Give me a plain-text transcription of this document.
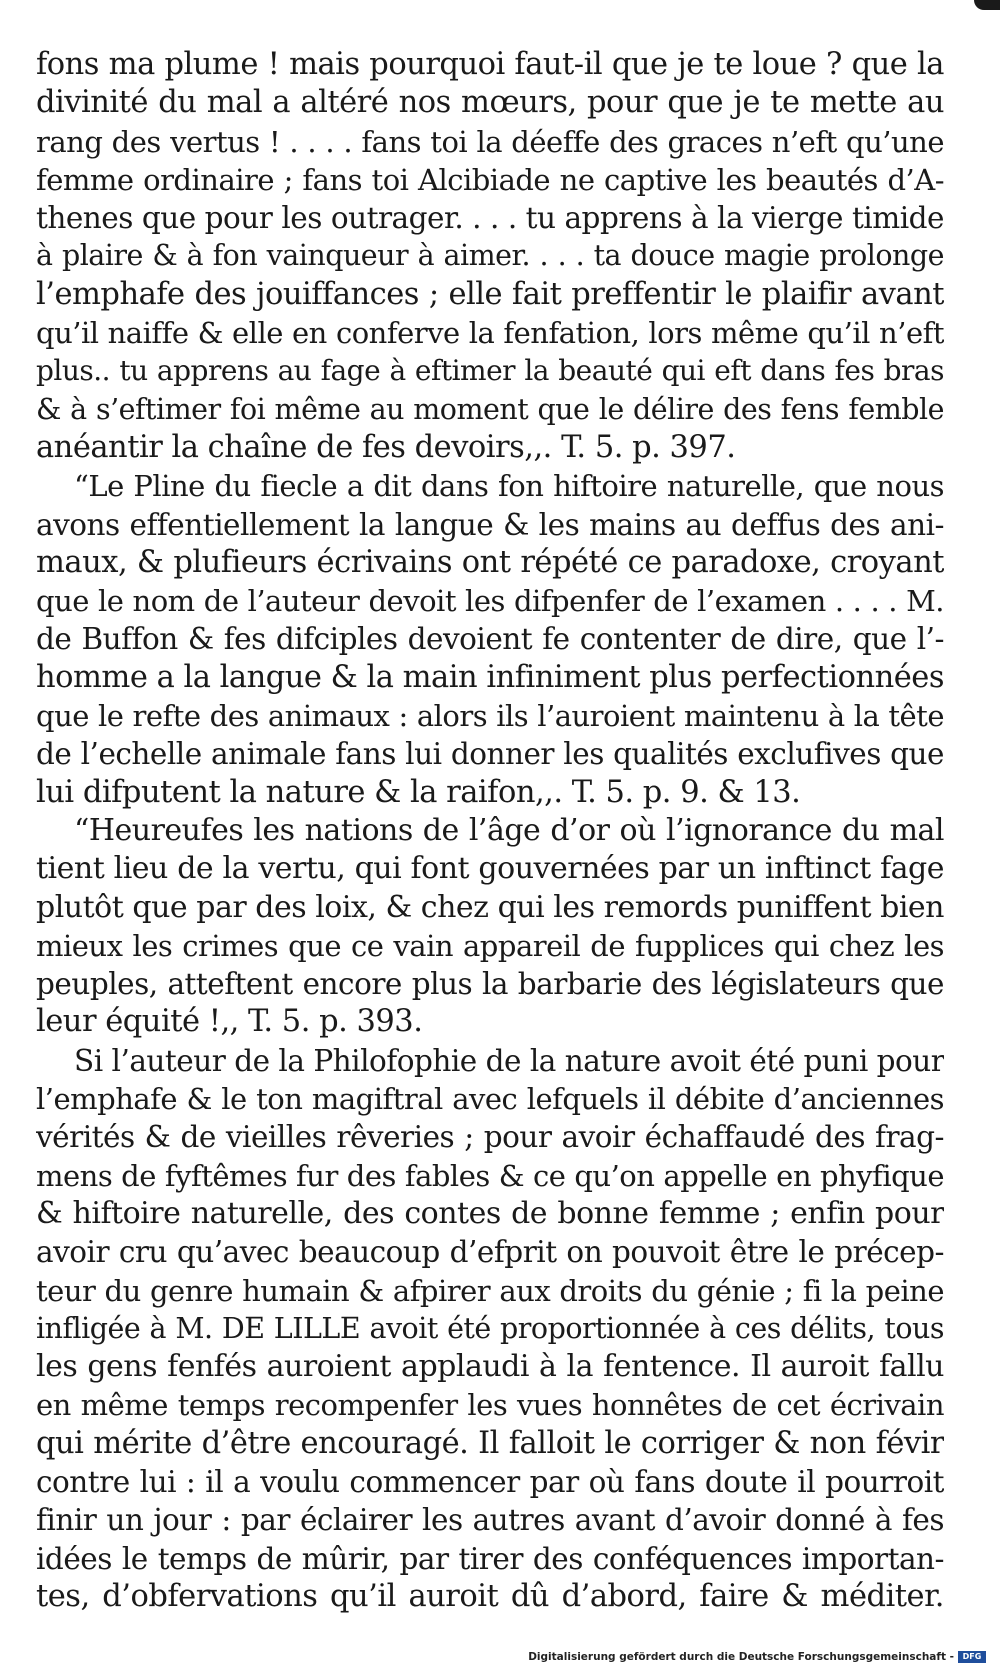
fons ma plume ! mais pourquoi faut-il que je te loue ? que la
divinité du mal a altéré nos mœurs, pour que je te mette au
rang des vertus ! . . . . fans toi la déeffe des graces n’eft qu’une
femme ordinaire ; fans toi Alcibiade ne captive les beautés d’A-
thenes que pour les outrager. . . . tu apprens à la vierge timide
à plaire & à fon vainqueur à aimer. . . . ta douce magie prolonge
l’emphafe des jouiffances ; elle fait preffentir le plaifir avant
qu’il naiffe & elle en conferve la fenfation, lors même qu’il n’eft
plus.. tu apprens au fage à eftimer la beauté qui eft dans fes bras
& à s’eftimer foi même au moment que le délire des fens femble
anéantir la chaîne de fes devoirs,,. T. 5. p. 397.
“Le Pline du fiecle a dit dans fon hiftoire naturelle, que nous
avons effentiellement la langue & les mains au deffus des ani-
maux, & plufieurs écrivains ont répété ce paradoxe, croyant
que le nom de l’auteur devoit les difpenfer de l’examen . . . . M.
de Buffon & fes difciples devoient fe contenter de dire, que l’-
homme a la langue & la main infiniment plus perfectionnées
que le refte des animaux : alors ils l’auroient maintenu à la tête
de l’echelle animale fans lui donner les qualités exclufives que
lui difputent la nature & la raifon,,. T. 5. p. 9. & 13.
“Heureufes les nations de l’âge d’or où l’ignorance du mal
tient lieu de la vertu, qui font gouvernées par un inftinct fage
plutôt que par des loix, & chez qui les remords puniffent bien
mieux les crimes que ce vain appareil de fupplices qui chez les
peuples, atteftent encore plus la barbarie des législateurs que
leur équité !,, T. 5. p. 393.
Si l’auteur de la Philofophie de la nature avoit été puni pour
l’emphafe & le ton magiftral avec lefquels il débite d’anciennes
vérités & de vieilles rêveries ; pour avoir échaffaudé des frag-
mens de fyftêmes fur des fables & ce qu’on appelle en phyfique
& hiftoire naturelle, des contes de bonne femme ; enfin pour
avoir cru qu’avec beaucoup d’efprit on pouvoit être le précep-
teur du genre humain & afpirer aux droits du génie ; fi la peine
infligée à M. DE LILLE avoit été proportionnée à ces délits, tous
les gens fenfés auroient applaudi à la fentence. Il auroit fallu
en même temps recompenfer les vues honnêtes de cet écrivain
qui mérite d’être encouragé. Il falloit le corriger & non févir
contre lui : il a voulu commencer par où fans doute il pourroit
finir un jour : par éclairer les autres avant d’avoir donné à fes
idées le temps de mûrir, par tirer des conféquences importan-
tes, d’obfervations qu’il auroit dû d’abord, faire & méditer.
Digitalisierung gefördert durch die Deutsche Forschungsgemeinschaft -	DFG
